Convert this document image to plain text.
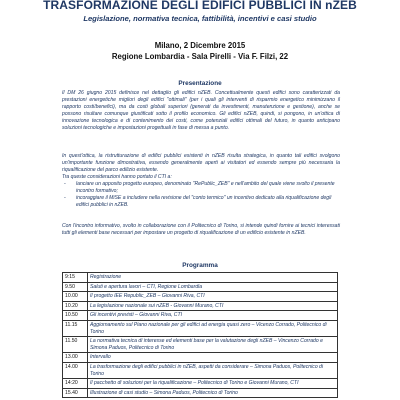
TRASFORMAZIONE DEGLI EDIFICI PUBBLICI IN nZEB
Legislazione, normativa tecnica, fattibilità, incentivi e casi studio
Milano, 2 Dicembre 2015
Regione Lombardia - Sala Pirelli - Via F. Filzi, 22
Presentazione
Il DM 26 giugno 2015 definisce nel dettaglio gli edifici nZEB. Concettualmente questi edifici sono caratterizzati da prestazioni energetiche migliori degli edifici "ottimali" (per i quali gli interventi di risparmio energetico minimizzano il rapporto costi/benefici), ma da costi globali superiori (generati da investimenti, manutenzione e gestione), anche se possono risultare comunque giustificati sotto il profilo economico. Gli edifici nZEB, quindi, si pongono, in un'ottica di innovazione tecnologica e di contenimento dei costi, come potenziali edifici ottimali del futuro, in quanto anticipano soluzioni tecnologiche e impostazioni progettuali in fase di messa a punto.
In quest'ottica, la ristrutturazione di edifici pubblici esistenti in nZEB risulta strategica, in quanto tali edifici svolgono un'importante funzione dimostrativa, essendo generalmente aperti ai visitatori ed essendo sempre più necessaria la riqualificazione del parco edilizio esistente.
Tra queste considerazioni hanno portato il CTI a:
- lanciare un apposito progetto europeo, denominato "RePublic_ZEB" e nell'ambito del quale viene svolto il presente incontro formativo;
- incoraggiare il MiSE a includere nella revisione del "conto termico" un incentivo dedicato alla riqualificazione degli edifici pubblici in nZEB.
Con l'incontro informativo, svolto in collaborazione con il Politecnico di Torino, si intende quindi fornire ai tecnici interessati tutti gli elementi base necessari per impostare un progetto di riqualificazione di un edificio esistente in nZEB.
Programma
9:15	Registrazione
9.50	Saluti e apertura lavori – CTI, Regione Lombardia
10.00	Il progetto IEE Republic_ZEB – Giovanni Riva, CTI
10.20	La legislazione nazionale sui nZEB - Giovanni Murano, CTI
10.50	Gli incentivi previsti – Giovanni Riva, CTI
11.15	Aggiornamento sul Piano nazionale per gli edifici ad energia quasi zero – Vicenzo Corrado, Politecnico di Torino
11.50	La normativa tecnica di interesse ed elementi base per la valutazione degli nZEB – Vincenzo Corrado e Simona Paduos, Politecnico di Torino
13.00	Intervallo
14.00	La trasformazione degli edifici pubblici in nZEB, aspetti da considerare – Simona Paduos, Politecnico di Torino
14:20	Il pacchetto di soluzioni per la riqualificazione – Politecnico di Torino e Giovanni Murano, CTI
15.40	Illustrazione di casi studio – Simona Paduos, Politecnico di Torino
